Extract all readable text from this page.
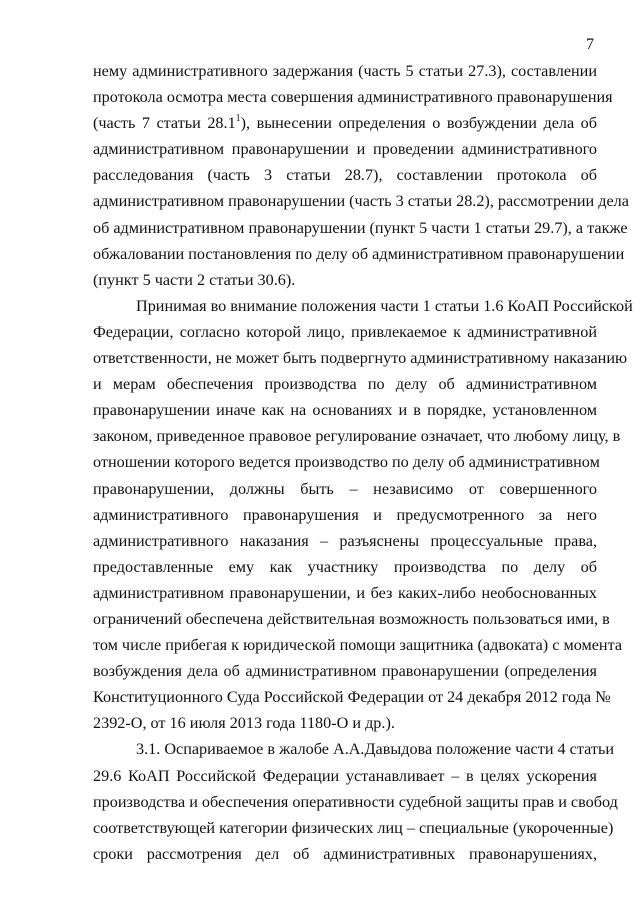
7
нему административного задержания (часть 5 статьи 27.3), составлении
протокола осмотра места совершения административного правонарушения
(часть 7 статьи 28.1$^1$), вынесении определения о возбуждении дела об
административном правонарушении и проведении административного
расследования (часть 3 статьи 28.7), составлении протокола об
административном правонарушении (часть 3 статьи 28.2), рассмотрении дела
об административном правонарушении (пункт 5 части 1 статьи 29.7), а также
обжаловании постановления по делу об административном правонарушении
(пункт 5 части 2 статьи 30.6).
Принимая во внимание положения части 1 статьи 1.6 КоАП Российской
Федерации, согласно которой лицо, привлекаемое к административной
ответственности, не может быть подвергнуто административному наказанию
и мерам обеспечения производства по делу об административном
правонарушении иначе как на основаниях и в порядке, установленном
законом, приведенное правовое регулирование означает, что любому лицу, в
отношении которого ведется производство по делу об административном
правонарушении, должны быть – независимо от совершенного
административного правонарушения и предусмотренного за него
административного наказания – разъяснены процессуальные права,
предоставленные ему как участнику производства по делу об
административном правонарушении, и без каких-либо необоснованных
ограничений обеспечена действительная возможность пользоваться ими, в
том числе прибегая к юридической помощи защитника (адвоката) с момента
возбуждения дела об административном правонарушении (определения
Конституционного Суда Российской Федерации от 24 декабря 2012 года №
2392-О, от 16 июля 2013 года 1180-О и др.).
3.1. Оспариваемое в жалобе А.А.Давыдова положение части 4 статьи
29.6 КоАП Российской Федерации устанавливает – в целях ускорения
производства и обеспечения оперативности судебной защиты прав и свобод
соответствующей категории физических лиц – специальные (укороченные)
сроки рассмотрения дел об административных правонарушениях,
